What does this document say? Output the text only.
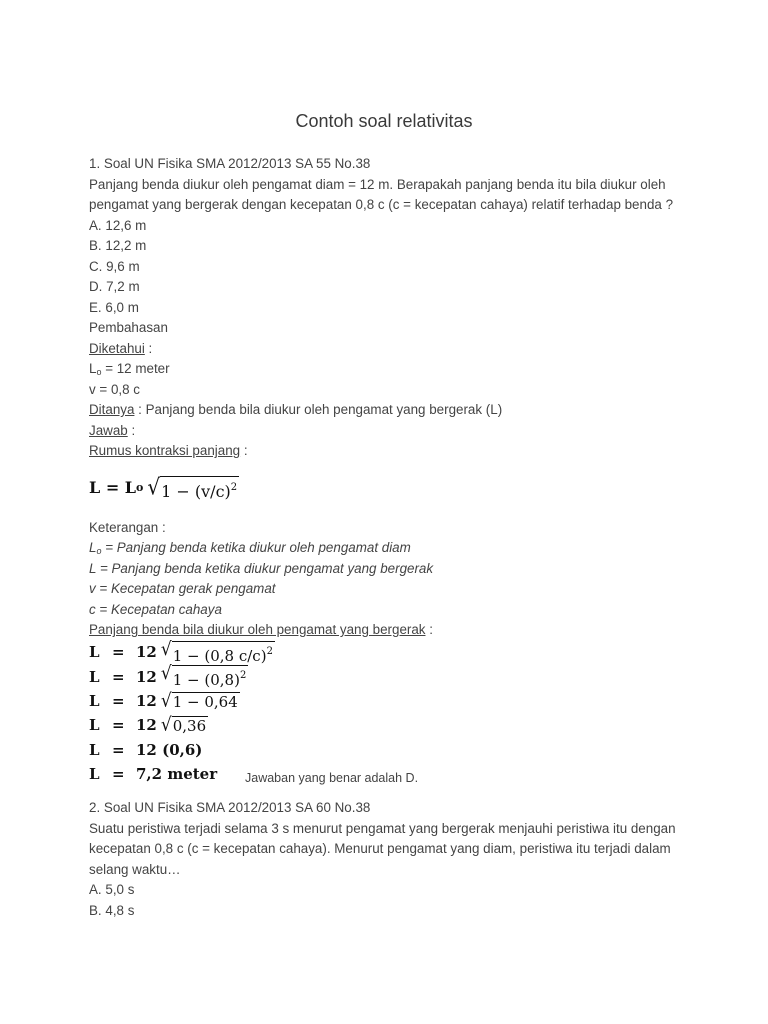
Contoh soal relativitas
1. Soal UN Fisika SMA 2012/2013 SA 55 No.38
Panjang benda diukur oleh pengamat diam = 12 m. Berapakah panjang benda itu bila diukur oleh
pengamat yang bergerak dengan kecepatan 0,8 c (c = kecepatan cahaya) relatif terhadap benda ?
A. 12,6 m
B. 12,2 m
C. 9,6 m
D. 7,2 m
E. 6,0 m
Pembahasan
Diketahui :
$L_o = 12$ meter
v = 0,8 c
Ditanya : Panjang benda bila diukur oleh pengamat yang bergerak (L)
Jawab :
Rumus kontraksi panjang :
L = L o √ $1 - (v/c)^2$
Keterangan :
$L_o$ = Panjang benda ketika diukur oleh pengamat diam
L = Panjang benda ketika diukur pengamat yang bergerak
v = Kecepatan gerak pengamat
c = Kecepatan cahaya
Panjang benda bila diukur oleh pengamat yang bergerak :
L = 12 √ 1 − (0,8 c/c)$^2$
L = 12 √ $1 - (0,8)^2$
L = 12 √ 1 − 0,64
L = 12 √ 0,36
L = 12 (0,6)
L = 7,2 meter
2. Soal UN Fisika SMA 2012/2013 SA 60 No.38
Suatu peristiwa terjadi selama 3 s menurut pengamat yang bergerak menjauhi peristiwa itu dengan
kecepatan 0,8 c (c = kecepatan cahaya). Menurut pengamat yang diam, peristiwa itu terjadi dalam
selang waktu…
A. 5,0 s
B. 4,8 s
Jawaban yang benar adalah D.
